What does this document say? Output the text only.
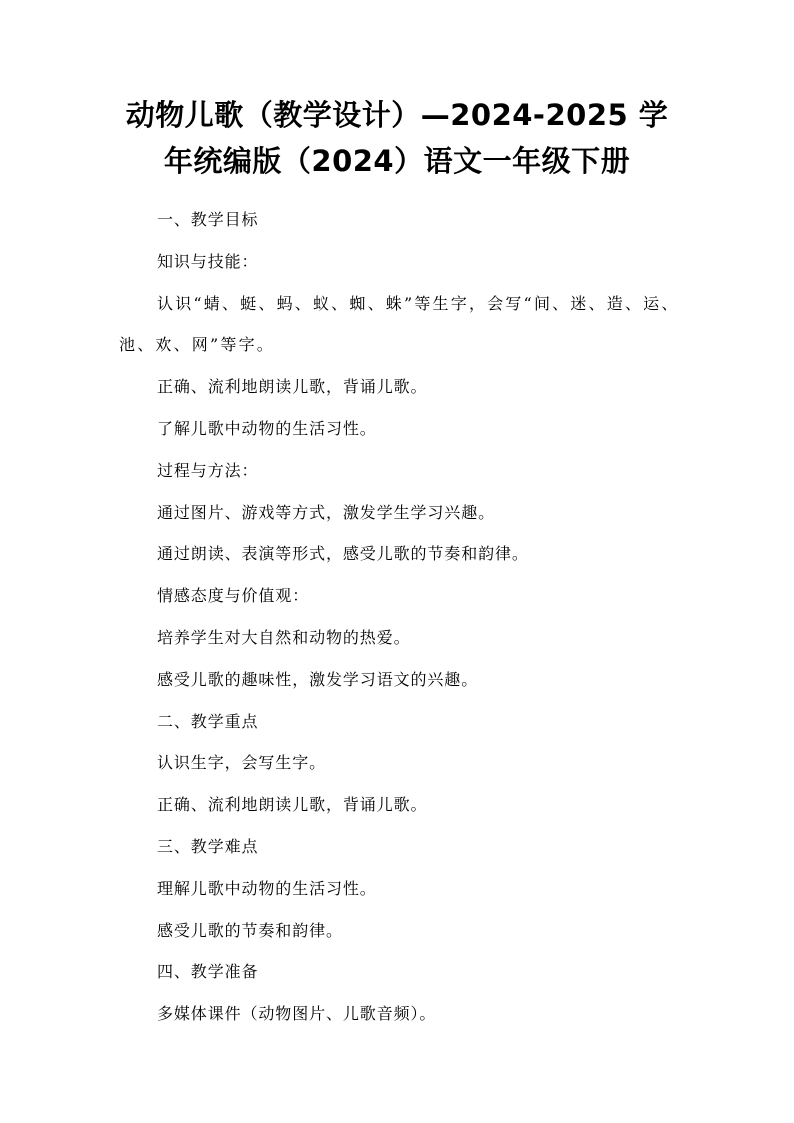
动物儿歌（教学设计）—2024-2025 学
年统编版（2024）语文一年级下册

一、教学目标

知识与技能：

认识“蜻、蜓、蚂、蚁、蜘、蛛”等生字，会写“间、迷、造、运、池、欢、网”等字。

正确、流利地朗读儿歌，背诵儿歌。

了解儿歌中动物的生活习性。

过程与方法：

通过图片、游戏等方式，激发学生学习兴趣。

通过朗读、表演等形式，感受儿歌的节奏和韵律。

情感态度与价值观：

培养学生对大自然和动物的热爱。

感受儿歌的趣味性，激发学习语文的兴趣。

二、教学重点

认识生字，会写生字。

正确、流利地朗读儿歌，背诵儿歌。

三、教学难点

理解儿歌中动物的生活习性。

感受儿歌的节奏和韵律。

四、教学准备

多媒体课件（动物图片、儿歌音频）。
